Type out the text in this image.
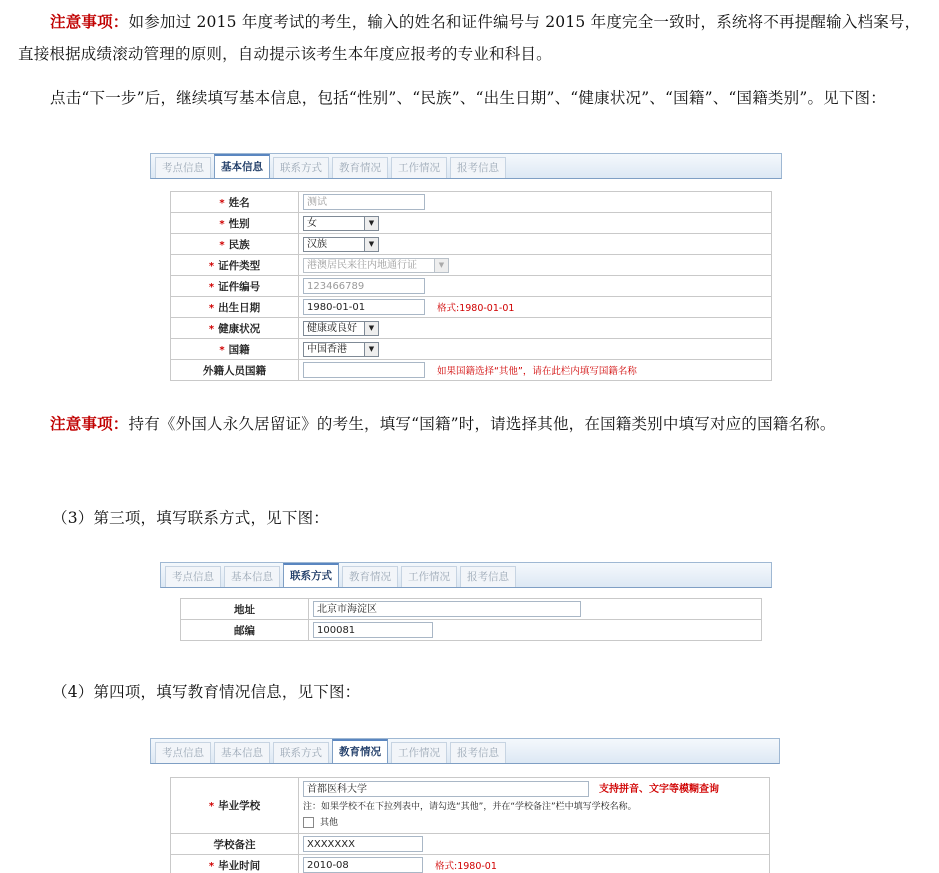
注意事项：如参加过 2015 年度考试的考生，输入的姓名和证件编号与 2015 年度完全一致时，系统将不再提醒输入档案号，直接根据成绩滚动管理的原则，自动提示该考生本年度应报考的专业和科目。

点击“下一步”后，继续填写基本信息，包括“性别”、“民族”、“出生日期”、“健康状况”、“国籍”、“国籍类别”。见下图：

考点信息	基本信息	联系方式	教育情况	工作情况	报考信息
* 姓名	测试
* 性别	女 ▼

* 民族	汉族 ▼

* 证件类型	港澳居民来往内地通行证 ▼

* 证件编号	123466789
* 出生日期	1980-01-01 格式:1980-01-01
* 健康状况	健康或良好 ▼

* 国籍	中国香港 ▼

外籍人员国籍	如果国籍选择“其他”，请在此栏内填写国籍名称

注意事项：持有《外国人永久居留证》的考生，填写“国籍”时，请选择其他，在国籍类别中填写对应的国籍名称。

（3）第三项，填写联系方式，见下图：

考点信息	基本信息	联系方式	教育情况	工作情况	报考信息
地址	北京市海淀区
邮编	100081

（4）第四项，填写教育情况信息，见下图：

考点信息	基本信息	联系方式	教育情况	工作情况	报考信息
* 毕业学校	首都医科大学 支持拼音、文字等模糊查询
注：如果学校不在下拉列表中，请勾选“其他”，并在“学校备注”栏中填写学校名称。
其他

学校备注	XXXXXXX
* 毕业时间	2010-08 格式:1980-01
